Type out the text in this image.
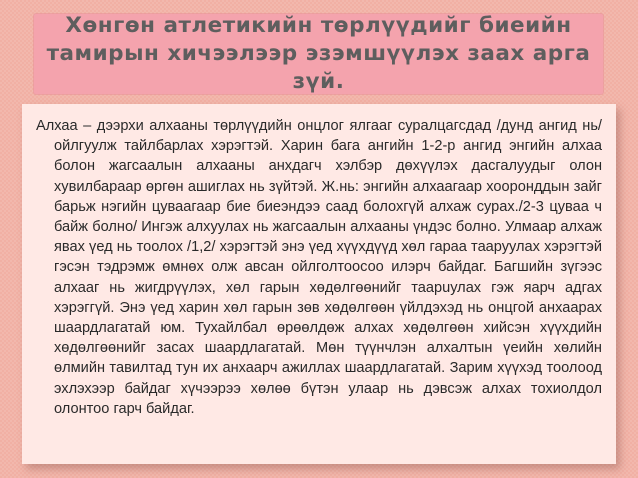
Хөнгөн атлетикийн төрлүүдийг биеийн тамирын хичээлээр эзэмшүүлэх заах арга зүй.

Алхаа – дээрхи алхааны төрлүүдийн онцлог ялгааг суралцагсдад /дунд ангид нь/ ойлгуулж тайлбарлах хэрэгтэй. Харин бага ангийн 1-2-р ангид энгийн алхаа болон жагсаалын алхааны анхдагч хэлбэр дөхүүлэх дасгалуудыг олон хувилбараар өргөн ашиглах нь зүйтэй. Ж.нь: энгийн алхаагаар хооронддын зайг барьж нэгийн цуваагаар бие биеэндээ саад болохгүй алхаж сурах./2-3 цуваа ч байж болно/ Ингэж алхуулах нь жагсаалын алхааны үндэс болно. Улмаар алхаж явах үед нь тоолох /1,2/ хэрэгтэй энэ үед хүүхдүүд хөл гараа тааруулах хэрэгтэй гэсэн тэдрэмж өмнөх олж авсан ойлголтоосоо илэрч байдаг. Багшийн зүгээс алхааг нь жигдрүүлэх, хөл гарын хөдөлгөөнийг таарuулах гэж яарч адгах хэрэггүй. Энэ үед харин хөл гарын зөв хөдөлгөөн үйлдэхэд нь онцгой анхаарах шаардлагатай юм. Тухайлбал өрөөлдөж алхах хөдөлгөөн хийсэн хүүхдийн хөдөлгөөнийг засах шаардлагатай. Мөн түүнчлэн алхалтын үеийн хөлийн өлмийн тавилтад тун их анхаарч ажиллах шаардлагатай. Зарим хүүхэд тоолоод эхлэхээр байдаг хүчээрээ хөлөө бүтэн улаар нь дэвсэж алхах тохиолдол олонтоо гарч байдаг.
